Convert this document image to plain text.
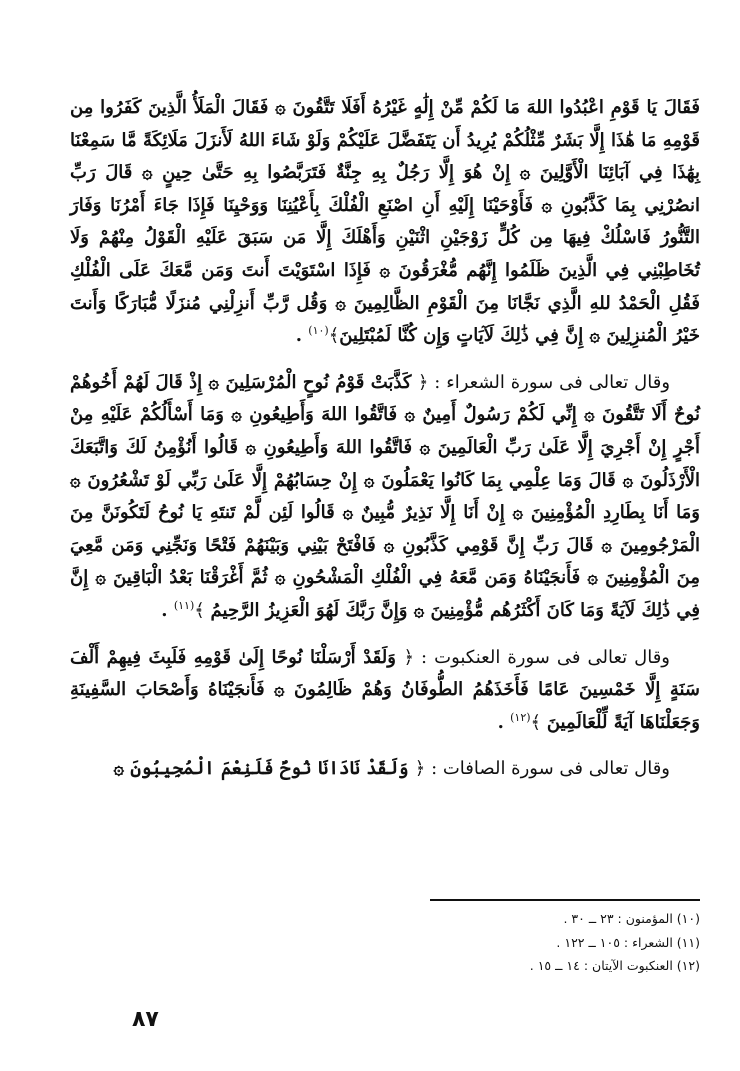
فَقَالَ يَا قَوْمِ اعْبُدُوا اللهَ مَا لَكُمْ مِّنْ إِلَٰهٍ غَيْرُهُ أَفَلَا تَتَّقُونَ ۞ فَقَالَ الْمَلَأُ الَّذِينَ كَفَرُوا مِن قَوْمِهِ مَا هَٰذَا إِلَّا بَشَرٌ مِّثْلُكُمْ يُرِيدُ أَن يَتَفَضَّلَ عَلَيْكُمْ وَلَوْ شَاءَ اللهُ لَأَنزَلَ مَلَائِكَةً مَّا سَمِعْنَا بِهَٰذَا فِي آبَائِنَا الْأَوَّلِينَ ۞ إِنْ هُوَ إِلَّا رَجُلٌ بِهِ جِنَّةٌ فَتَرَبَّصُوا بِهِ حَتَّىٰ حِينٍ ۞ قَالَ رَبِّ انصُرْنِي بِمَا كَذَّبُونِ ۞ فَأَوْحَيْنَا إِلَيْهِ أَنِ اصْنَعِ الْفُلْكَ بِأَعْيُنِنَا وَوَحْيِنَا فَإِذَا جَاءَ أَمْرُنَا وَفَارَ التَّنُّورُ فَاسْلُكْ فِيهَا مِن كُلٍّ زَوْجَيْنِ اثْنَيْنِ وَأَهْلَكَ إِلَّا مَن سَبَقَ عَلَيْهِ الْقَوْلُ مِنْهُمْ وَلَا تُخَاطِبْنِي فِي الَّذِينَ ظَلَمُوا إِنَّهُم مُّغْرَقُونَ ۞ فَإِذَا اسْتَوَيْتَ أَنتَ وَمَن مَّعَكَ عَلَى الْفُلْكِ فَقُلِ الْحَمْدُ للهِ الَّذِي نَجَّانَا مِنَ الْقَوْمِ الظَّالِمِينَ ۞ وَقُل رَّبِّ أَنزِلْنِي مُنزَلًا مُّبَارَكًا وَأَنتَ خَيْرُ الْمُنزِلِينَ ۞ إِنَّ فِي ذَٰلِكَ لَآيَاتٍ وَإِن كُنَّا لَمُبْتَلِينَ﴾$^{(١٠)}$ .

وقال تعالى فى سورة الشعراء : ﴿ كَذَّبَتْ قَوْمُ نُوحٍ الْمُرْسَلِينَ ۞ إِذْ قَالَ لَهُمْ أَخُوهُمْ نُوحٌ أَلَا تَتَّقُونَ ۞ إِنِّي لَكُمْ رَسُولٌ أَمِينٌ ۞ فَاتَّقُوا اللهَ وَأَطِيعُونِ ۞ وَمَا أَسْأَلُكُمْ عَلَيْهِ مِنْ أَجْرٍ إِنْ أَجْرِيَ إِلَّا عَلَىٰ رَبِّ الْعَالَمِينَ ۞ فَاتَّقُوا اللهَ وَأَطِيعُونِ ۞ قَالُوا أَنُؤْمِنُ لَكَ وَاتَّبَعَكَ الْأَرْذَلُونَ ۞ قَالَ وَمَا عِلْمِي بِمَا كَانُوا يَعْمَلُونَ ۞ إِنْ حِسَابُهُمْ إِلَّا عَلَىٰ رَبِّي لَوْ تَشْعُرُونَ ۞ وَمَا أَنَا بِطَارِدِ الْمُؤْمِنِينَ ۞ إِنْ أَنَا إِلَّا نَذِيرٌ مُّبِينٌ ۞ قَالُوا لَئِن لَّمْ تَنتَهِ يَا نُوحُ لَتَكُونَنَّ مِنَ الْمَرْجُومِينَ ۞ قَالَ رَبِّ إِنَّ قَوْمِي كَذَّبُونِ ۞ فَافْتَحْ بَيْنِي وَبَيْنَهُمْ فَتْحًا وَنَجِّنِي وَمَن مَّعِيَ مِنَ الْمُؤْمِنِينَ ۞ فَأَنجَيْنَاهُ وَمَن مَّعَهُ فِي الْفُلْكِ الْمَشْحُونِ ۞ ثُمَّ أَغْرَقْنَا بَعْدُ الْبَاقِينَ ۞ إِنَّ فِي ذَٰلِكَ لَآيَةً وَمَا كَانَ أَكْثَرُهُم مُّؤْمِنِينَ ۞ وَإِنَّ رَبَّكَ لَهُوَ الْعَزِيزُ الرَّحِيمُ ﴾$^{(١١)}$ .

وقال تعالى فى سورة العنكبوت : ﴿ وَلَقَدْ أَرْسَلْنَا نُوحًا إِلَىٰ قَوْمِهِ فَلَبِثَ فِيهِمْ أَلْفَ سَنَةٍ إِلَّا خَمْسِينَ عَامًا فَأَخَذَهُمُ الطُّوفَانُ وَهُمْ ظَالِمُونَ ۞ فَأَنجَيْنَاهُ وَأَصْحَابَ السَّفِينَةِ وَجَعَلْنَاهَا آيَةً لِّلْعَالَمِينَ ﴾$^{(١٢)}$ .

وقال تعالى فى سورة الصافات : ﴿ وَلَقَدْ نَادَانَا نُوحٌ فَلَنِعْمَ الْمُجِيبُونَ ۞

(١٠) المؤمنون : ٢٣ ــ ٣٠ .

(١١) الشعراء : ١٠٥ ــ ١٢٢ .

(١٢) العنكبوت الآيتان : ١٤ ــ ١٥ .

٨٧
